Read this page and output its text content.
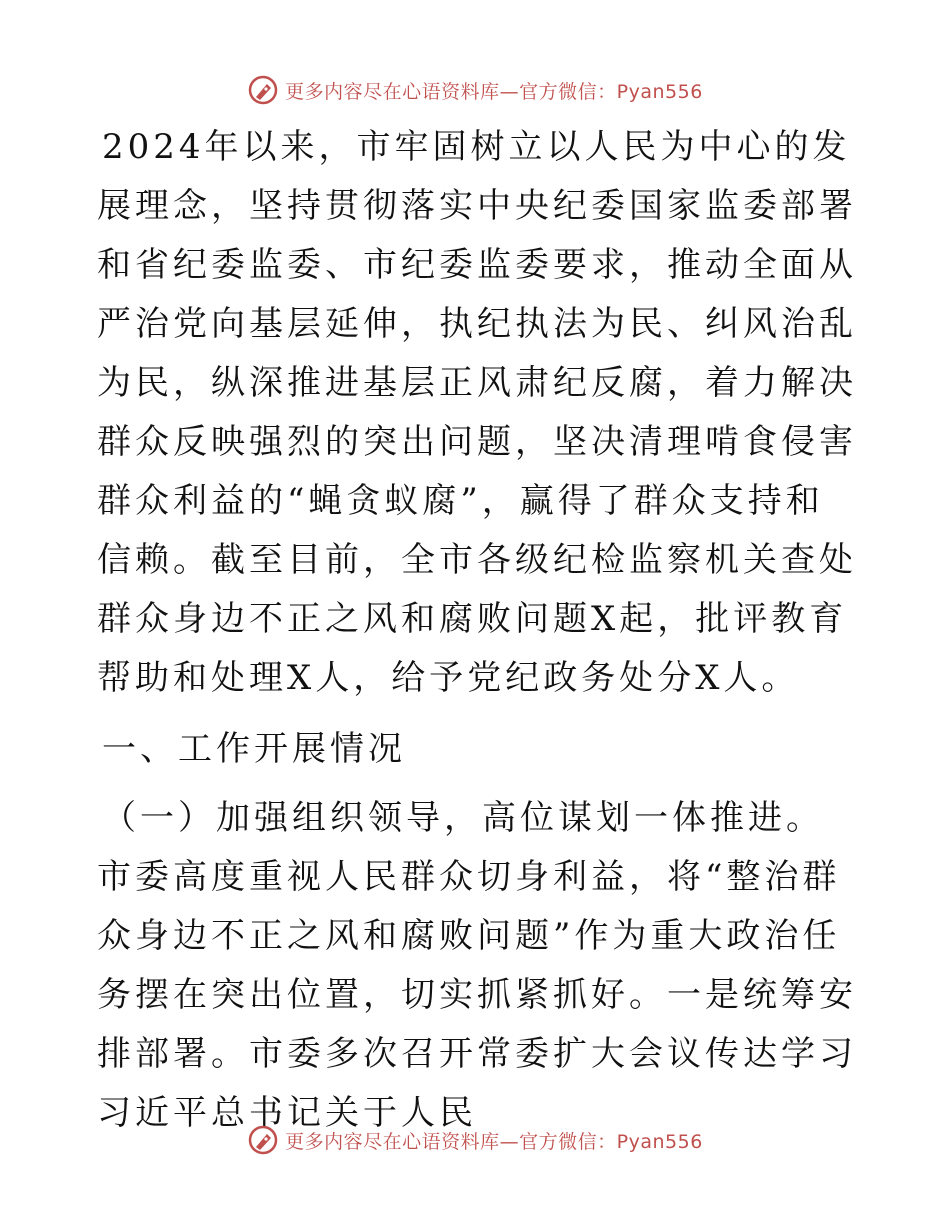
更多内容尽在心语资料库—官方微信：Pyan556

2024年以来，市牢固树立以人民为中心的发展理念，坚持贯彻落实中央纪委国家监委部署和省纪委监委、市纪委监委要求，推动全面从严治党向基层延伸，执纪执法为民、纠风治乱为民，纵深推进基层正风肃纪反腐，着力解决群众反映强烈的突出问题，坚决清理啃食侵害群众利益的“蝇贪蚁腐”，赢得了群众支持和信赖。截至目前，全市各级纪检监察机关查处群众身边不正之风和腐败问题X起，批评教育帮助和处理X人，给予党纪政务处分X人。

一、工作开展情况

（一）加强组织领导，高位谋划一体推进。市委高度重视人民群众切身利益，将“整治群众身边不正之风和腐败问题”作为重大政治任务摆在突出位置，切实抓紧抓好。一是统筹安排部署。市委多次召开常委扩大会议传达学习习近平总书记关于人民

更多内容尽在心语资料库—官方微信：Pyan556
